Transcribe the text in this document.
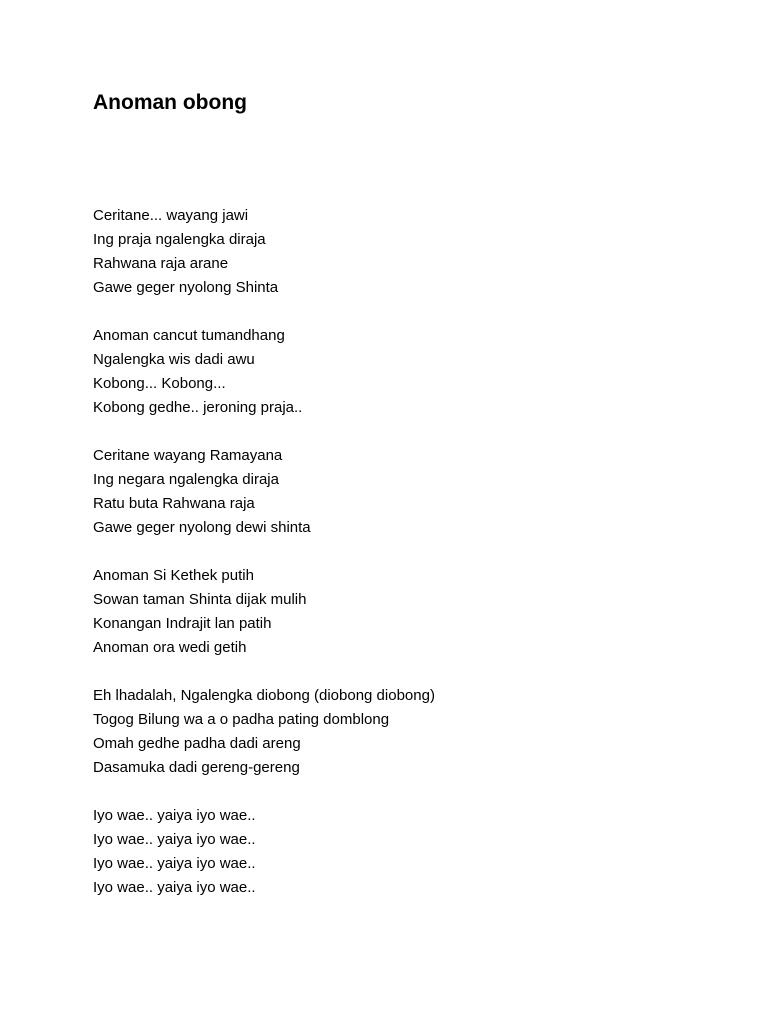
Anoman obong
Ceritane... wayang jawi
Ing praja ngalengka diraja
Rahwana raja arane
Gawe geger nyolong Shinta
Anoman cancut tumandhang
Ngalengka wis dadi awu
Kobong... Kobong...
Kobong gedhe.. jeroning praja..
Ceritane wayang Ramayana
Ing negara ngalengka diraja
Ratu buta Rahwana raja
Gawe geger nyolong dewi shinta
Anoman Si Kethek putih
Sowan taman Shinta dijak mulih
Konangan Indrajit lan patih
Anoman ora wedi getih
Eh lhadalah, Ngalengka diobong (diobong diobong)
Togog Bilung wa a o padha pating domblong
Omah gedhe padha dadi areng
Dasamuka dadi gereng-gereng
Iyo wae.. yaiya iyo wae..
Iyo wae.. yaiya iyo wae..
Iyo wae.. yaiya iyo wae..
Iyo wae.. yaiya iyo wae..
